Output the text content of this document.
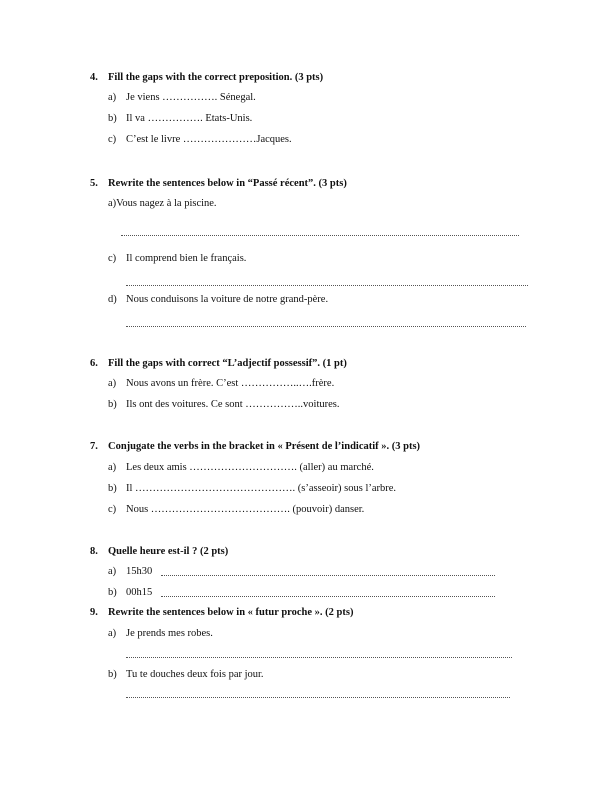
4. Fill the gaps with the correct preposition. (3 pts)
a) Je viens ……………. Sénegal.
b) Il va ……………. Etats-Unis.
c) C’est le livre …………………Jacques.
5. Rewrite the sentences below in “Passé récent”. (3 pts)
a)Vous nagez à la piscine.
c) Il comprend bien le français.
d) Nous conduisons la voiture de notre grand-père.
6. Fill the gaps with correct “L’adjectif possessif”. (1 pt)
a) Nous avons un frère. C’est ……………..….frère.
b) Ils ont des voitures. Ce sont ……………..voitures.
7. Conjugate the verbs in the bracket in « Présent de l’indicatif ». (3 pts)
a) Les deux amis …………………………. (aller) au marché.
b) Il ………………………………………. (s’asseoir) sous l’arbre.
c) Nous …………………………………. (pouvoir) danser.
8. Quelle heure est-il ? (2 pts)
a) 15h30
b) 00h15
9. Rewrite the sentences below in « futur proche ». (2 pts)
a) Je prends mes robes.
b) Tu te douches deux fois par jour.
